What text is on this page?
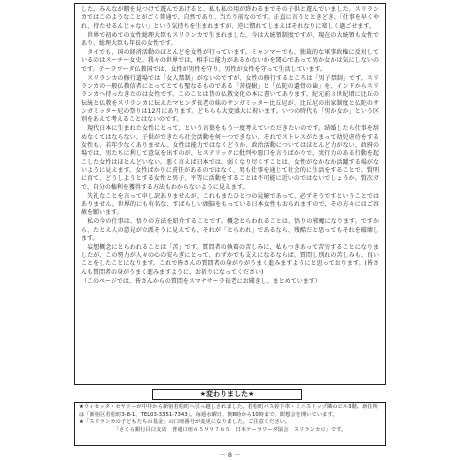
した。みんなが暇を見つけて遊んであげると、私も私の用が終わるまでその子供と遊んでいました。スリランカではこのようなことがごく普通で、自然であり、当たり前なのです。正直に言うとときどき、「仕事を早くやれ、待たせるんじゃない」という気持ちを生まれますが、逆に慣れてしまえばそれなりに楽しく過ごせます。

　世界で初めての女性総理大臣もスリランカで生まれました。今は大統領制度ですが、現在の大統領も女性であり、総理大臣も年長の女性です。

　タイでも、国の経済活動のほとんどを女性が行っています。ミャンマーでも、独裁的な軍事政権に反対しているのはスーチー女史。我々の世界では、相手に能力があるかないかを関心であって男か女かは気にしないのです。テーラワーダ仏教国では、女性が男性を守り、男性が女性を守って生活しています。

　スリランカの修行道場では「女人禁制」がないのですが、女性の修行するところは「男子禁制」です。スリランカの一般仏教信者にとってとても聖なるものである「菩提樹」と「仏陀の遺骨の歯」を、インドからスリランカへ持ったきたのは女性です。このことは昔の仏教文化の本に書いてあります。紀元前３世紀頃に比丘の伝統と仏教をスリランカに伝えたマヒンダ長老の妹のサンガミッター比丘尼が、比丘尼の出家制度と仏陀のサンガミッター尼の祭りは12月にあります。どちらも大変盛大に祝います。いつの時代も「男か女か」という区別をあえて考えることはないのです。

　現代日本に生まれた女性にとって、という言葉をもう一度考えていただきたいのです。結婚したら仕事を辞めなくてはならない、子供ができたら社会活動を何一つできない、それでストレスがたまって幼児虐待をする女性も、若年少なくありません。女性は能力ではなくどうか、政治活動についてはほとんど力がない、政府の場では、男たちに利して意気を出すのが、ヒステリックに批判や悪口を言うばかりで、実行力のある行動を起こした女性はほとんどいない。悪く言えば日本では、弱くなり尽くすことは、女性がなかなか活躍する場がないように見えます。女性ばかりに責任があるのではなく、男も仕事を通じて社会的に生活をすることで、賢明に育て、どうしようとする女性と男子、平等に活動をすることは不可能に近いのではないでしょうか。賢次ガで、自分の権利を獲得する方法もわからないように見えます。

　失礼なことを言って申し訳ありませんが、これもまたひとつの見解であって、必ずそうですということではありません。世界的にも有名な、すばらしい頭脳をもっている日本女性もおられますので、その方々にはご容赦を願います。

　私の今の仕事は、悟りの方法を紹介することです。概念とらわれることは、悟りの邪魔になります。ですから、たとえ人の意見が立派そうに見えても、それが「とらわれ」であるなら、残酷だと思ってもそれを破壊します。

　妄想概念にとらわれることは「苦」です。質問者の執着の苦しみに、私もつきあって苦労することになりましたが、この努力が人々の心の安らぎにとって、わずかでも支えになるならば、質問し別れの苦しみも、良いことをしたことになります。これで皆さんの質問者の身がりがうまく進みますようにと思っております。(皆さんも質問者の身がうまく進みますように、お祈りになってください)

（このページでは、皆さんからの質問をスマナサーラ長老にお聞きし、まとめています）

★変わりました★

★ウィセッタ・セヤドーが中井から新宿若松町へ引っ越しされました。若松町バス停下車・ミニストップ隣のビル3階。新住所は「新宿区若松町3-8-1、TEL03-3351-7343」。毎週水曜日、朝8時から10時まで、瞑想会を開いています。

★「スリランカの子どもたちの基金」の口座番号が変更になりました。ご注意ください。

「さくら銀行目白支店　普通口座６５９９７６５　日本テーラワーダ協会　スリランカロ」です。

－ 8 －
